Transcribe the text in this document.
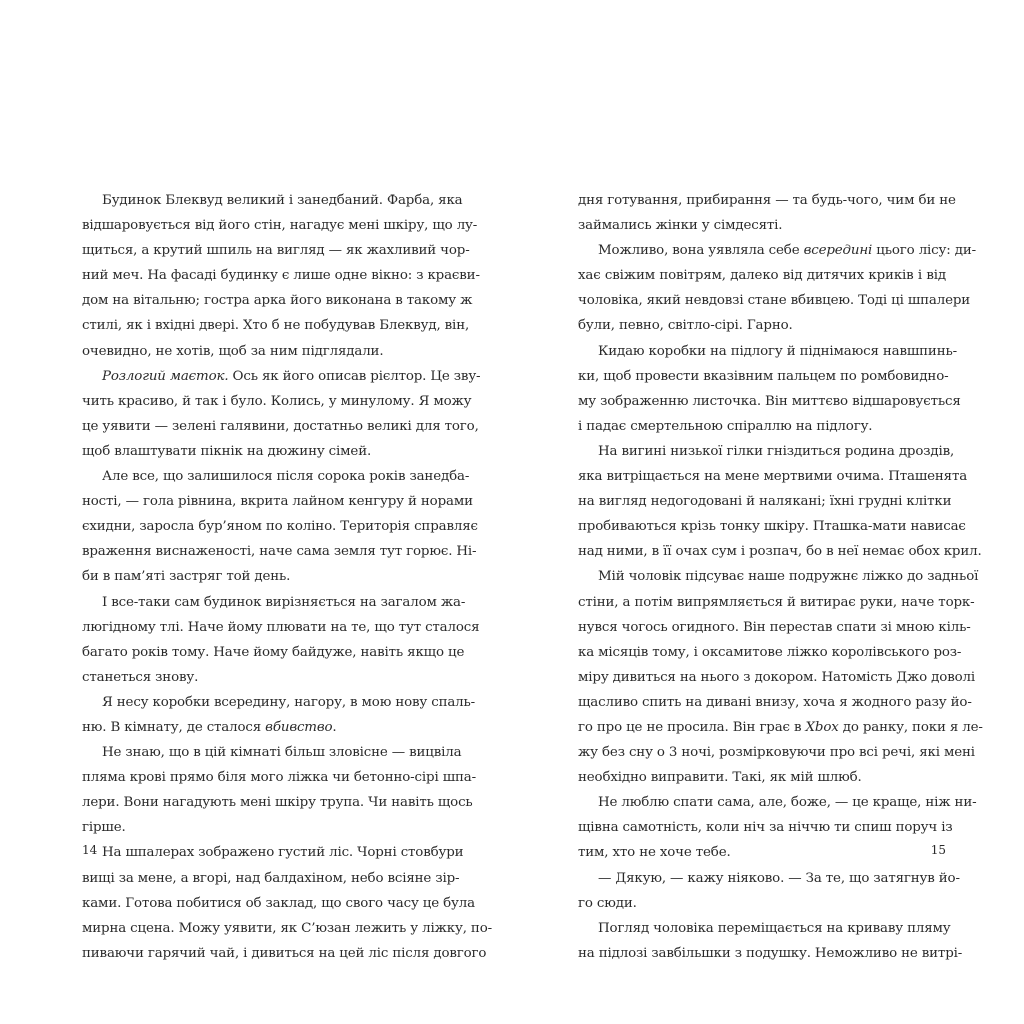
Будинок Блеквуд великий і занедбаний. Фарба, яка
відшаровується від його стін, нагадує мені шкіру, що лу-
щиться, а крутий шпиль на вигляд — як жахливий чор-
ний меч. На фасаді будинку є лише одне вікно: з краєви-
дом на вітальню; гостра арка його виконана в такому ж
стилі, як і вхідні двері. Хто б не побудував Блеквуд, він,
очевидно, не хотів, щоб за ним підглядали.
Розлогий маєток. Ось як його описав рієлтор. Це зву-
чить красиво, й так і було. Колись, у минулому. Я можу
це уявити — зелені галявини, достатньо великі для того,
щоб влаштувати пікнік на дюжину сімей.
Але все, що залишилося після сорока років занедба-
ності, — гола рівнина, вкрита лайном кенгуру й норами
єхидни, заросла бур’яном по коліно. Територія справляє
враження виснаженості, наче сама земля тут горює. Ні-
би в пам’яті застряг той день.
І все-таки сам будинок вирізняється на загалом жа-
люгідному тлі. Наче йому плювати на те, що тут сталося
багато років тому. Наче йому байдуже, навіть якщо це
станеться знову.
Я несу коробки всередину, нагору, в мою нову спаль-
ню. В кімнату, де сталося вбивство.
Не знаю, що в цій кімнаті більш зловісне — вицвіла
пляма крові прямо біля мого ліжка чи бетонно-сірі шпа-
лери. Вони нагадують мені шкіру трупа. Чи навіть щось
гірше.
На шпалерах зображено густий ліс. Чорні стовбури
вищі за мене, а вгорі, над балдахіном, небо всіяне зір-
ками. Готова побитися об заклад, що свого часу це була
мирна сцена. Можу уявити, як С’юзан лежить у ліжку, по-
пиваючи гарячий чай, і дивиться на цей ліс після довгого
дня готування, прибирання — та будь-чого, чим би не
займались жінки у сімдесяті.
Можливо, вона уявляла себе всередині цього лісу: ди-
хає свіжим повітрям, далеко від дитячих криків і від
чоловіка, який невдовзі стане вбивцею. Тоді ці шпалери
були, певно, світло-сірі. Гарно.
Кидаю коробки на підлогу й піднімаюся навшпинь-
ки, щоб провести вказівним пальцем по ромбовидно-
му зображенню листочка. Він миттєво відшаровується
і падає смертельною спіраллю на підлогу.
На вигині низької гілки гніздиться родина дроздів,
яка витріщається на мене мертвими очима. Пташенята
на вигляд недогодовані й налякані; їхні грудні клітки
пробиваються крізь тонку шкіру. Пташка-мати нависає
над ними, в її очах сум і розпач, бо в неї немає обох крил.
Мій чоловік підсуває наше подружнє ліжко до задньої
стіни, а потім випрямляється й витирає руки, наче торк-
нувся чогось огидного. Він перестав спати зі мною кіль-
ка місяців тому, і оксамитове ліжко королівського роз-
міру дивиться на нього з докором. Натомість Джо доволі
щасливо спить на дивані внизу, хоча я жодного разу йо-
го про це не просила. Він грає в Xbox до ранку, поки я ле-
жу без сну о 3 ночі, розмірковуючи про всі речі, які мені
необхідно виправити. Такі, як мій шлюб.
Не люблю спати сама, але, боже, — це краще, ніж ни-
щівна самотність, коли ніч за ніччю ти спиш поруч із
тим, хто не хоче тебе.
— Дякую, — кажу ніяково. — За те, що затягнув йо-
го сюди.
Погляд чоловіка переміщається на криваву пляму
на підлозі завбільшки з подушку. Неможливо не витрі-
14	15
